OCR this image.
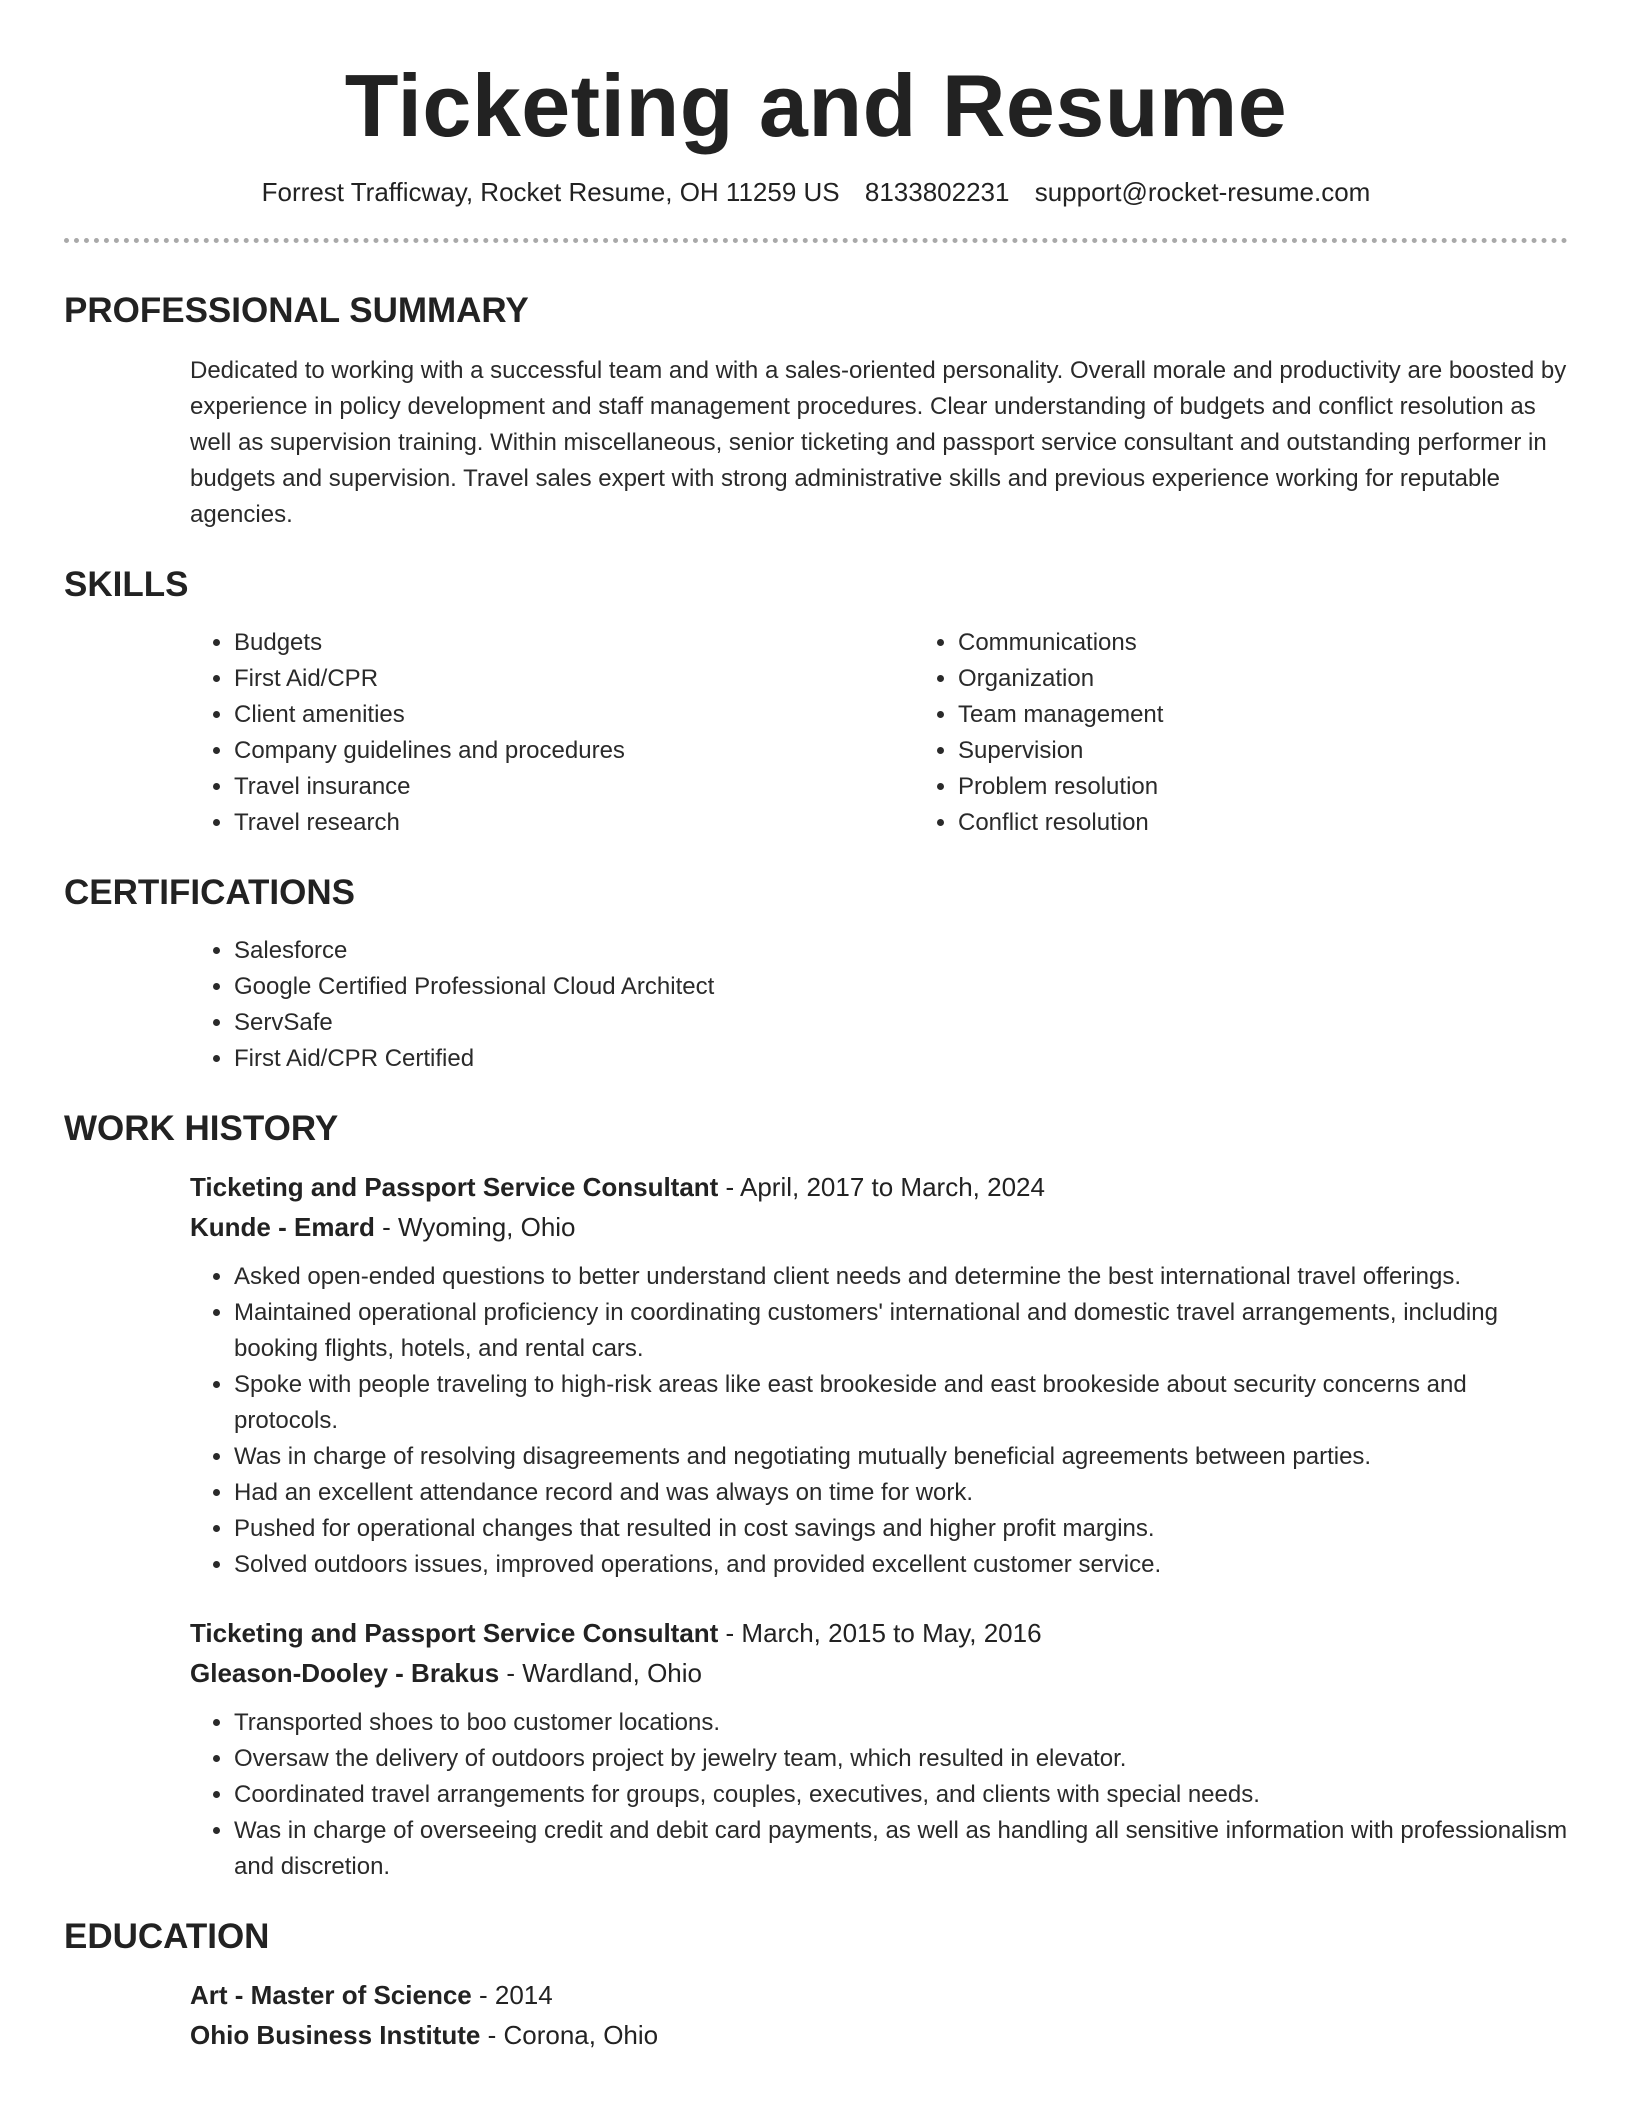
Ticketing and Resume
Forrest Trafficway, Rocket Resume, OH 11259 US 8133802231 support@rocket-resume.com
PROFESSIONAL SUMMARY

Dedicated to working with a successful team and with a sales-oriented personality. Overall morale and productivity are boosted by experience in policy development and staff management procedures. Clear understanding of budgets and conflict resolution as well as supervision training. Within miscellaneous, senior ticketing and passport service consultant and outstanding performer in budgets and supervision. Travel sales expert with strong administrative skills and previous experience working for reputable agencies.

SKILLS
• Budgets
• First Aid/CPR
• Client amenities
• Company guidelines and procedures
• Travel insurance
• Travel research
• Communications
• Organization
• Team management
• Supervision
• Problem resolution
• Conflict resolution
CERTIFICATIONS
• Salesforce
• Google Certified Professional Cloud Architect
• ServSafe
• First Aid/CPR Certified
WORK HISTORY
Ticketing and Passport Service Consultant - April, 2017 to March, 2024
Kunde - Emard - Wyoming, Ohio
• Asked open-ended questions to better understand client needs and determine the best international travel offerings.
• Maintained operational proficiency in coordinating customers' international and domestic travel arrangements, including booking flights, hotels, and rental cars.
• Spoke with people traveling to high-risk areas like east brookeside and east brookeside about security concerns and protocols.
• Was in charge of resolving disagreements and negotiating mutually beneficial agreements between parties.
• Had an excellent attendance record and was always on time for work.
• Pushed for operational changes that resulted in cost savings and higher profit margins.
• Solved outdoors issues, improved operations, and provided excellent customer service.
Ticketing and Passport Service Consultant - March, 2015 to May, 2016
Gleason-Dooley - Brakus - Wardland, Ohio
• Transported shoes to boo customer locations.
• Oversaw the delivery of outdoors project by jewelry team, which resulted in elevator.
• Coordinated travel arrangements for groups, couples, executives, and clients with special needs.
• Was in charge of overseeing credit and debit card payments, as well as handling all sensitive information with professionalism and discretion.
EDUCATION
Art - Master of Science - 2014
Ohio Business Institute - Corona, Ohio
